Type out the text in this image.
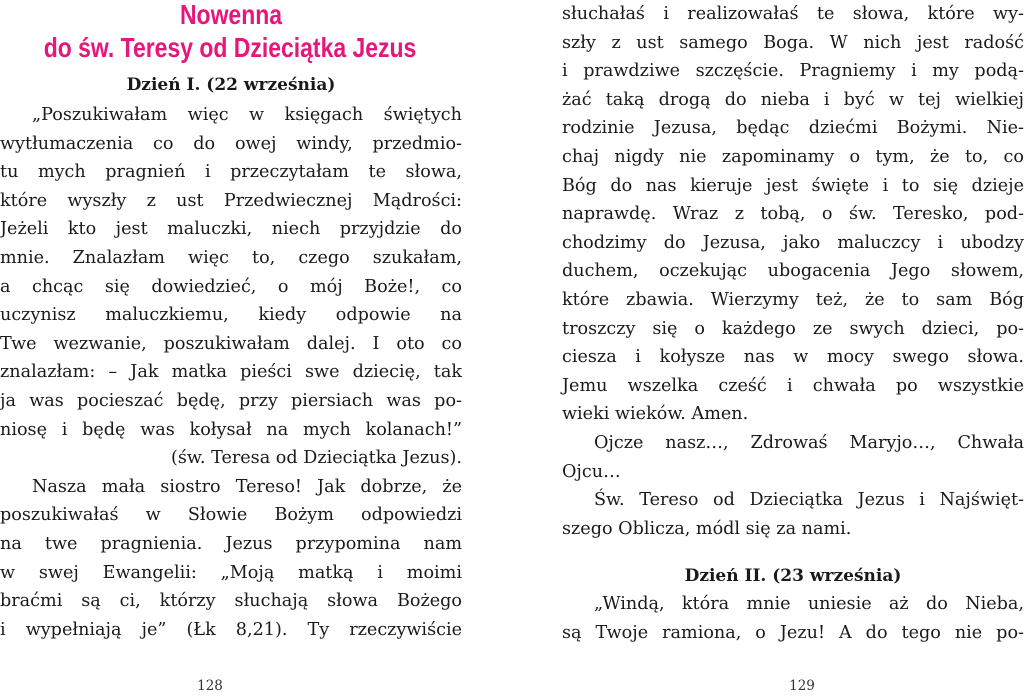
Nowenna
do św. Teresy od Dzieciątka Jezus
Dzień I. (22 września)
„Poszukiwałam więc w księgach świętych
wytłumaczenia co do owej windy, przedmio-
tu mych pragnień i przeczytałam te słowa,
które wyszły z ust Przedwiecznej Mądrości:
Jeżeli kto jest maluczki, niech przyjdzie do
mnie. Znalazłam więc to, czego szukałam,
a chcąc się dowiedzieć, o mój Boże!, co
uczynisz maluczkiemu, kiedy odpowie na
Twe wezwanie, poszukiwałam dalej. I oto co
znalazłam: – Jak matka pieści swe dziecię, tak
ja was pocieszać będę, przy piersiach was po-
niosę i będę was kołysał na mych kolanach!”
(św. Teresa od Dzieciątka Jezus).
Nasza mała siostro Tereso! Jak dobrze, że
poszukiwałaś w Słowie Bożym odpowiedzi
na twe pragnienia. Jezus przypomina nam
w swej Ewangelii: „Moją matką i moimi
braćmi są ci, którzy słuchają słowa Bożego
i wypełniają je” (Łk 8,21). Ty rzeczywiście
128
słuchałaś i realizowałaś te słowa, które wy-
szły z ust samego Boga. W nich jest radość
i prawdziwe szczęście. Pragniemy i my podą-
żać taką drogą do nieba i być w tej wielkiej
rodzinie Jezusa, będąc dziećmi Bożymi. Nie-
chaj nigdy nie zapominamy o tym, że to, co
Bóg do nas kieruje jest święte i to się dzieje
naprawdę. Wraz z tobą, o św. Teresko, pod-
chodzimy do Jezusa, jako maluczcy i ubodzy
duchem, oczekując ubogacenia Jego słowem,
które zbawia. Wierzymy też, że to sam Bóg
troszczy się o każdego ze swych dzieci, po-
ciesza i kołysze nas w mocy swego słowa.
Jemu wszelka cześć i chwała po wszystkie
wieki wieków. Amen.
Ojcze nasz…, Zdrowaś Maryjo…, Chwała
Ojcu…
Św. Tereso od Dzieciątka Jezus i Najświęt-
szego Oblicza, módl się za nami.
Dzień II. (23 września)
„Windą, która mnie uniesie aż do Nieba,
są Twoje ramiona, o Jezu! A do tego nie po-
129
